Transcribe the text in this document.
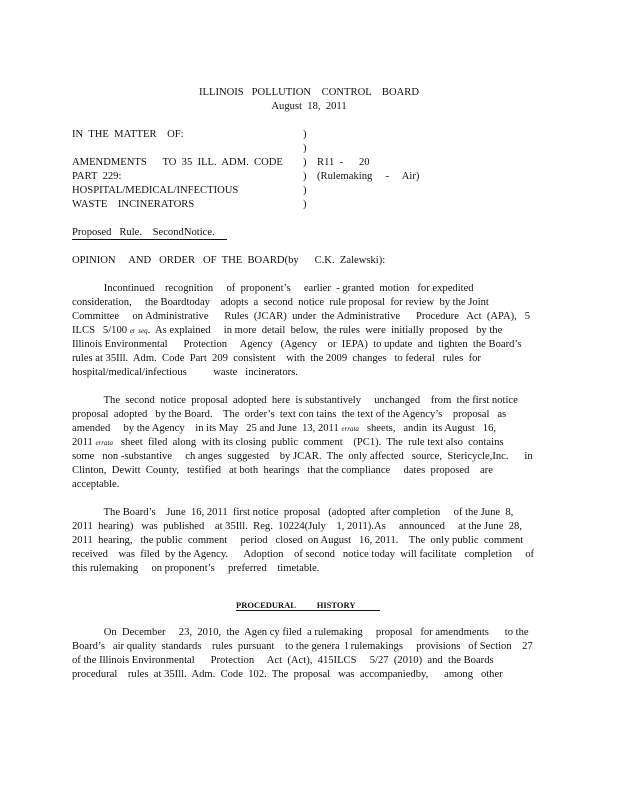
ILLINOIS   POLLUTION    CONTROL    BOARD
August  18,  2011
IN  THE  MATTER    OF:
AMENDMENTS      TO  35  ILL.  ADM.  CODE
PART  229:
HOSPITAL/MEDICAL/INFECTIOUS
WASTE    INCINERATORS
)
)
)
)
)
)
R11  -      20
(Rulemaking     -     Air)
Proposed   Rule.    SecondNotice.
OPINION     AND   ORDER   OF  THE  BOARD(by      C.K.  Zalewski):
Incontinued    recognition     of  proponent’s     earlier  - granted  motion   for expedited
consideration,     the Boardtoday    adopts  a  second  notice  rule proposal  for review  by the Joint
Committee     on Administrative      Rules  (JCAR)  under  the Administrative      Procedure   Act  (APA),   5
ILCS   5/100 et  seq.  As explained     in more  detail  below,  the rules  were  initially  proposed   by the
Illinois Environmental      Protection     Agency   (Agency    or  IEPA)  to update  and  tighten  the Board’s
rules at 35Ill.  Adm.  Code  Part  209  consistent    with  the 2009  changes   to federal   rules  for
hospital/medical/infectious          waste   incinerators.
The  second  notice  proposal  adopted  here  is substantively     unchanged    from  the first notice
proposal  adopted   by the Board.    The  order’s  text con tains  the text of the Agency’s    proposal   as
amended     by the Agency    in its May   25 and June  13, 2011 errata   sheets,   andin  its August   16,
2011 errata   sheet  filed  along  with its closing  public  comment    (PC1).  The  rule text also  contains
some   non -substantive     ch anges  suggested    by JCAR.  The  only affected   source,  Stericycle,Inc.      in
Clinton,  Dewitt  County,   testified   at both  hearings   that the compliance     dates  proposed    are
acceptable.
The Board’s    June  16, 2011  first notice  proposal   (adopted  after completion     of the June  8,
2011  hearing)   was  published    at 35Ill.  Reg.  10224(July    1, 2011).As     announced     at the June  28,
2011  hearing,   the public  comment     period   closed  on August   16, 2011.    The  only public  comment
received    was  filed  by the Agency.      Adoption    of second   notice today  will facilitate   completion     of
this rulemaking     on proponent’s     preferred    timetable.
PROCEDURAL          HISTORY
On  December     23,  2010,  the  Agen cy filed  a rulemaking     proposal   for amendments      to the
Board’s   air quality  standards    rules  pursuant    to the genera  l rulemakings     provisions   of Section    27
of the Illinois Environmental      Protection     Act  (Act),  415ILCS     5/27  (2010)  and  the Boards
procedural    rules  at 35Ill.  Adm.  Code  102.  The  proposal   was  accompaniedby,      among   other
